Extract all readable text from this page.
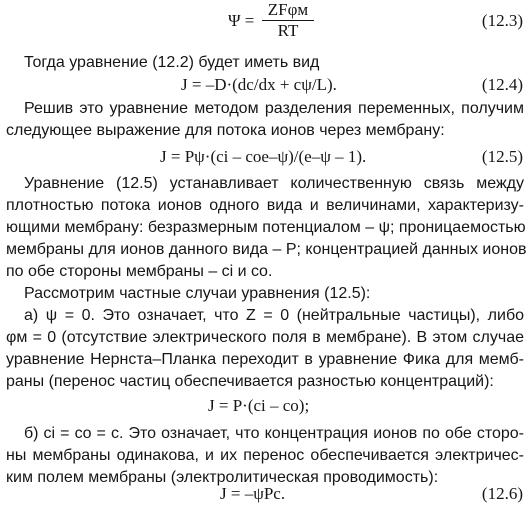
Ψ =
ZFφм
RT
(12.3)
Тогда уравнение (12.2) будет иметь вид
J = –D·(dc/dx + cψ/L).	(12.4)
Решив это уравнение методом разделения переменных, получим
следующее выражение для потока ионов через мембрану:
J = Pψ·(ci – coe–ψ)/(e–ψ – 1).	(12.5)
Уравнение (12.5) устанавливает количественную связь между
плотностью потока ионов одного вида и величинами, характеризу-
ющими мембрану: безразмерным потенциалом – ψ; проницаемостью
мембраны для ионов данного вида – P; концентрацией данных ионов
по обе стороны мембраны – ci и co.
Рассмотрим частные случаи уравнения (12.5):
а) ψ = 0. Это означает, что Z = 0 (нейтральные частицы), либо
φм = 0 (отсутствие электрического поля в мембране). В этом случае
уравнение Нернста–Планка переходит в уравнение Фика для мемб-
раны (перенос частиц обеспечивается разностью концентраций):
J = P·(ci – co);
б) ci = co = c. Это означает, что концентрация ионов по обе сторо-
ны мембраны одинакова, и их перенос обеспечивается электричес-
ким полем мембраны (электролитическая проводимость):
J = –ψPc.	(12.6)
